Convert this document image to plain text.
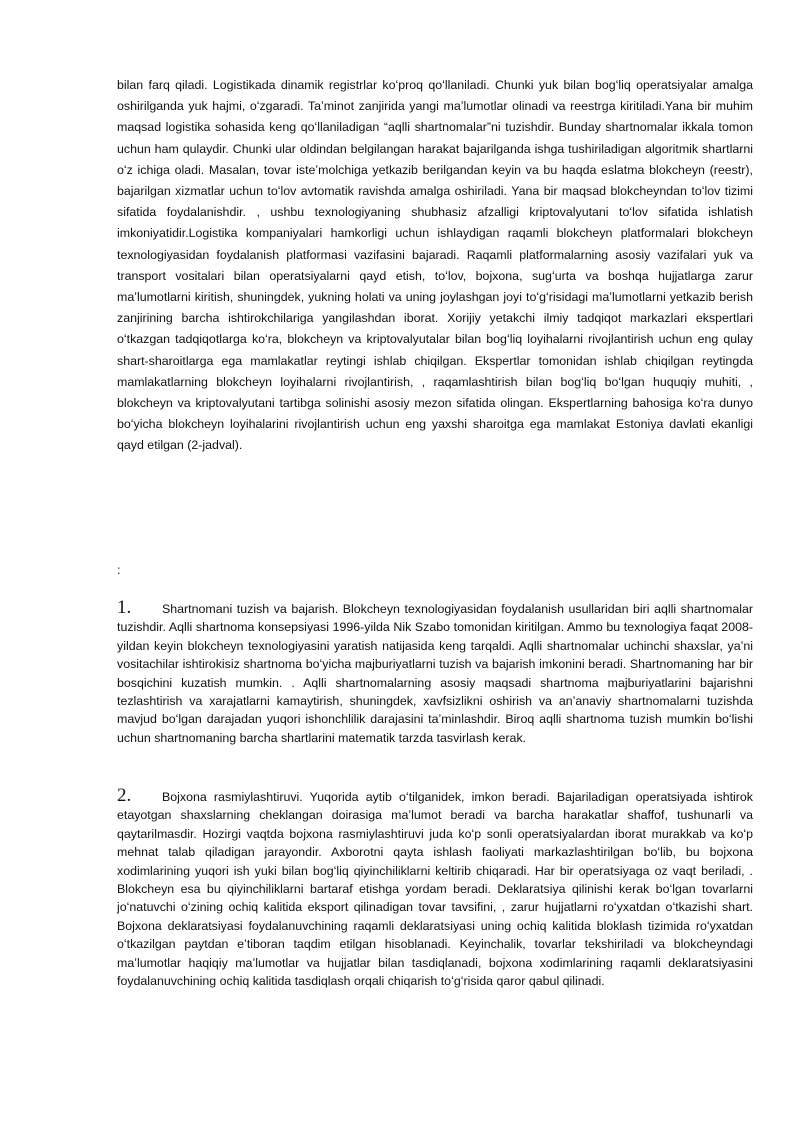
bilan farq qiladi. Logistikada dinamik registrlar koʻproq qoʻllaniladi. Chunki yuk bilan bogʻliq operatsiyalar amalga oshirilganda yuk hajmi, oʻzgaradi. Taʼminot zanjirida yangi maʼlumotlar olinadi va reestrga kiritiladi.Yana bir muhim maqsad logistika sohasida keng qoʻllaniladigan “aqlli shartnomalar”ni tuzishdir. Bunday shartnomalar ikkala tomon uchun ham qulaydir. Chunki ular oldindan belgilangan harakat bajarilganda ishga tushiriladigan algoritmik shartlarni oʻz ichiga oladi. Masalan, tovar isteʼmolchiga yetkazib berilgandan keyin va bu haqda eslatma blokcheyn (reestr), bajarilgan xizmatlar uchun toʻlov avtomatik ravishda amalga oshiriladi. Yana bir maqsad blokcheyndan toʻlov tizimi sifatida foydalanishdir. , ushbu texnologiyaning shubhasiz afzalligi kriptovalyutani toʻlov sifatida ishlatish imkoniyatidir.Logistika kompaniyalari hamkorligi uchun ishlaydigan raqamli blokcheyn platformalari blokcheyn texnologiyasidan foydalanish platformasi vazifasini bajaradi. Raqamli platformalarning asosiy vazifalari yuk va transport vositalari bilan operatsiyalarni qayd etish, toʻlov, bojxona, sugʻurta va boshqa hujjatlarga zarur maʼlumotlarni kiritish, shuningdek, yukning holati va uning joylashgan joyi toʻgʻrisidagi maʼlumotlarni yetkazib berish zanjirining barcha ishtirokchilariga yangilashdan iborat. Xorijiy yetakchi ilmiy tadqiqot markazlari ekspertlari oʻtkazgan tadqiqotlarga koʻra, blokcheyn va kriptovalyutalar bilan bogʻliq loyihalarni rivojlantirish uchun eng qulay shart-sharoitlarga ega mamlakatlar reytingi ishlab chiqilgan. Ekspertlar tomonidan ishlab chiqilgan reytingda mamlakatlarning blokcheyn loyihalarni rivojlantirish, , raqamlashtirish bilan bogʻliq boʻlgan huquqiy muhiti, , blokcheyn va kriptovalyutani tartibga solinishi asosiy mezon sifatida olingan. Ekspertlarning bahosiga koʻra dunyo boʻyicha blokcheyn loyihalarini rivojlantirish uchun eng yaxshi sharoitga ega mamlakat Estoniya davlati ekanligi qayd etilgan (2-jadval).

:

1. Shartnomani tuzish va bajarish. Blokcheyn texnologiyasidan foydalanish usullaridan biri aqlli shartnomalar tuzishdir. Aqlli shartnoma konsepsiyasi 1996-yilda Nik Szabo tomonidan kiritilgan. Ammo bu texnologiya faqat 2008-yildan keyin blokcheyn texnologiyasini yaratish natijasida keng tarqaldi. Aqlli shartnomalar uchinchi shaxslar, yaʼni vositachilar ishtirokisiz shartnoma boʻyicha majburiyatlarni tuzish va bajarish imkonini beradi. Shartnomaning har bir bosqichini kuzatish mumkin. . Aqlli shartnomalarning asosiy maqsadi shartnoma majburiyatlarini bajarishni tezlashtirish va xarajatlarni kamaytirish, shuningdek, xavfsizlikni oshirish va anʼanaviy shartnomalarni tuzishda mavjud boʻlgan darajadan yuqori ishonchlilik darajasini taʼminlashdir. Biroq aqlli shartnoma tuzish mumkin boʻlishi uchun shartnomaning barcha shartlarini matematik tarzda tasvirlash kerak.

2. Bojxona rasmiylashtiruvi. Yuqorida aytib oʻtilganidek, imkon beradi. Bajariladigan operatsiyada ishtirok etayotgan shaxslarning cheklangan doirasiga maʼlumot beradi va barcha harakatlar shaffof, tushunarli va qaytarilmasdir. Hozirgi vaqtda bojxona rasmiylashtiruvi juda koʻp sonli operatsiyalardan iborat murakkab va koʻp mehnat talab qiladigan jarayondir. Axborotni qayta ishlash faoliyati markazlashtirilgan boʻlib, bu bojxona xodimlarining yuqori ish yuki bilan bogʻliq qiyinchiliklarni keltirib chiqaradi. Har bir operatsiyaga oz vaqt beriladi, . Blokcheyn esa bu qiyinchiliklarni bartaraf etishga yordam beradi. Deklaratsiya qilinishi kerak boʻlgan tovarlarni joʻnatuvchi oʻzining ochiq kalitida eksport qilinadigan tovar tavsifini, , zarur hujjatlarni roʻyxatdan oʻtkazishi shart. Bojxona deklaratsiyasi foydalanuvchining raqamli deklaratsiyasi uning ochiq kalitida bloklash tizimida roʻyxatdan oʻtkazilgan paytdan eʼtiboran taqdim etilgan hisoblanadi. Keyinchalik, tovarlar tekshiriladi va blokcheyndagi maʼlumotlar haqiqiy maʼlumotlar va hujjatlar bilan tasdiqlanadi, bojxona xodimlarining raqamli deklaratsiyasini foydalanuvchining ochiq kalitida tasdiqlash orqali chiqarish toʻgʻrisida qaror qabul qilinadi.
